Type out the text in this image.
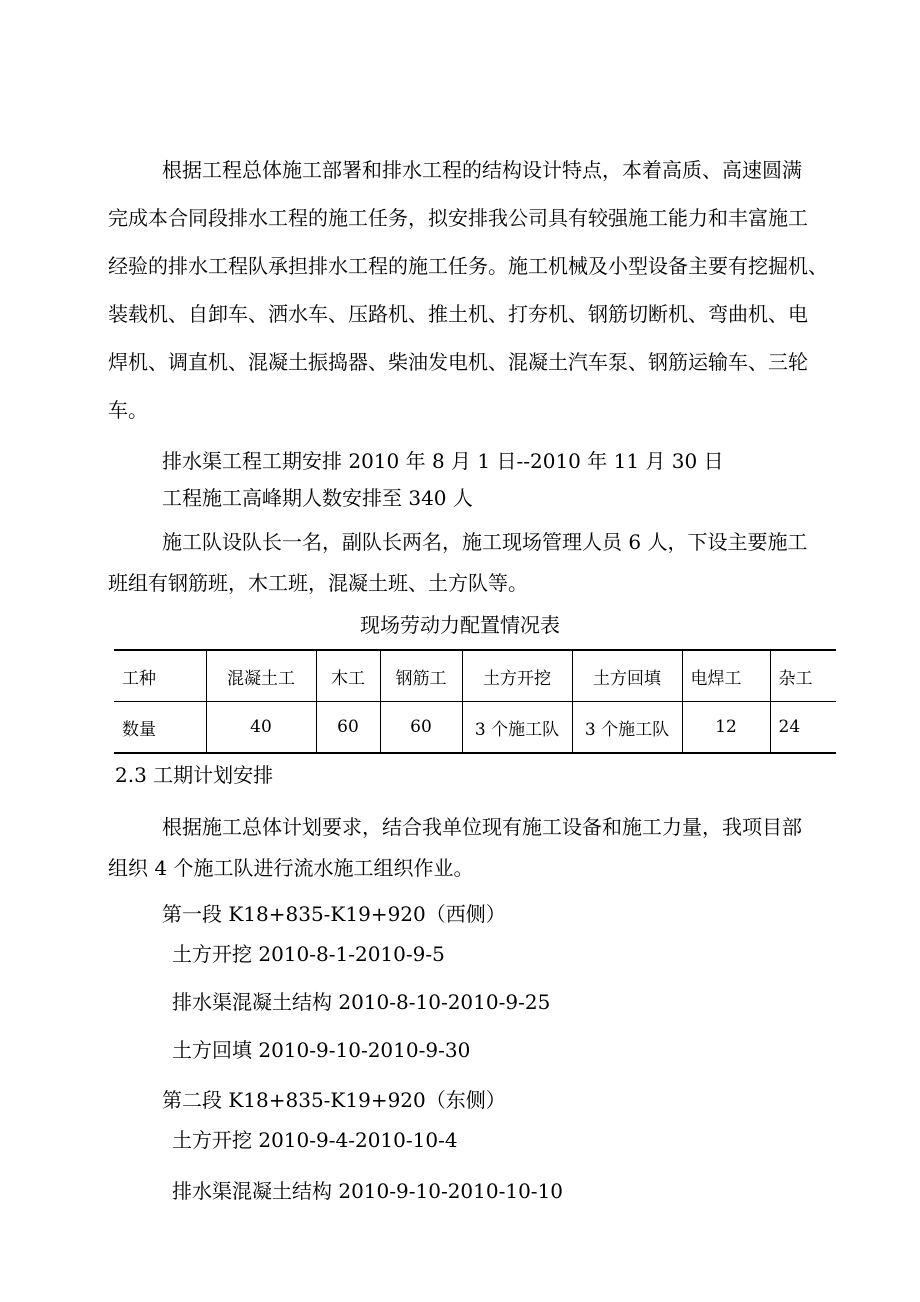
根据工程总体施工部署和排水工程的结构设计特点，本着高质、高速圆满
完成本合同段排水工程的施工任务，拟安排我公司具有较强施工能力和丰富施工
经验的排水工程队承担排水工程的施工任务。施工机械及小型设备主要有挖掘机、
装载机、自卸车、洒水车、压路机、推土机、打夯机、钢筋切断机、弯曲机、电
焊机、调直机、混凝土振捣器、柴油发电机、混凝土汽车泵、钢筋运输车、三轮
车。
排水渠工程工期安排 2010 年 8 月 1 日--2010 年 11 月 30 日
工程施工高峰期人数安排至 340 人
施工队设队长一名，副队长两名，施工现场管理人员 6 人，下设主要施工
班组有钢筋班，木工班，混凝土班、土方队等。
现场劳动力配置情况表
工种	混凝土工	木工	钢筋工	土方开挖	土方回填	电焊工	杂工
数量	40	60	60	3 个施工队	3 个施工队	12	24
2.3 工期计划安排
根据施工总体计划要求，结合我单位现有施工设备和施工力量，我项目部
组织 4 个施工队进行流水施工组织作业。
第一段 K18+835-K19+920（西侧）
土方开挖 2010-8-1-2010-9-5
排水渠混凝土结构 2010-8-10-2010-9-25
土方回填 2010-9-10-2010-9-30
第二段 K18+835-K19+920（东侧）
土方开挖 2010-9-4-2010-10-4
排水渠混凝土结构 2010-9-10-2010-10-10
